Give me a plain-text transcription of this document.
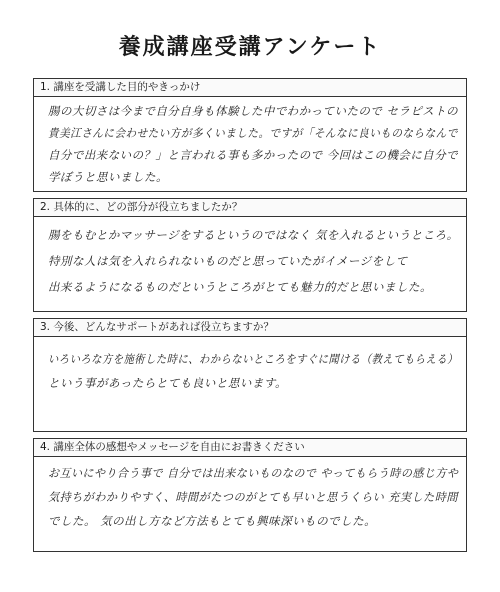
養成講座受講アンケート
1. 講座を受講した目的やきっかけ
腸の大切さは今まで自分自身も体験した中でわかっていたので セラピストの
貴美江さんに会わせたい方が多くいました。ですが「そんなに良いものならなんで
自分で出来ないの？」と言われる事も多かったので 今回はこの機会に自分で
学ぼうと思いました。
2. 具体的に、どの部分が役立ちましたか？
腸をもむとかマッサージをするというのではなく 気を入れるというところ。
特別な人は気を入れられないものだと思っていたがイメージをして
出来るようになるものだというところがとても魅力的だと思いました。
3. 今後、どんなサポートがあれば役立ちますか？
いろいろな方を施術した時に、わからないところをすぐに聞ける（教えてもらえる）
という事があったらとても良いと思います。
4. 講座全体の感想やメッセージを自由にお書きください
お互いにやり合う事で 自分では出来ないものなので やってもらう時の感じ方や
気持ちがわかりやすく、時間がたつのがとても早いと思うくらい 充実した時間
でした。 気の出し方など方法もとても興味深いものでした。
